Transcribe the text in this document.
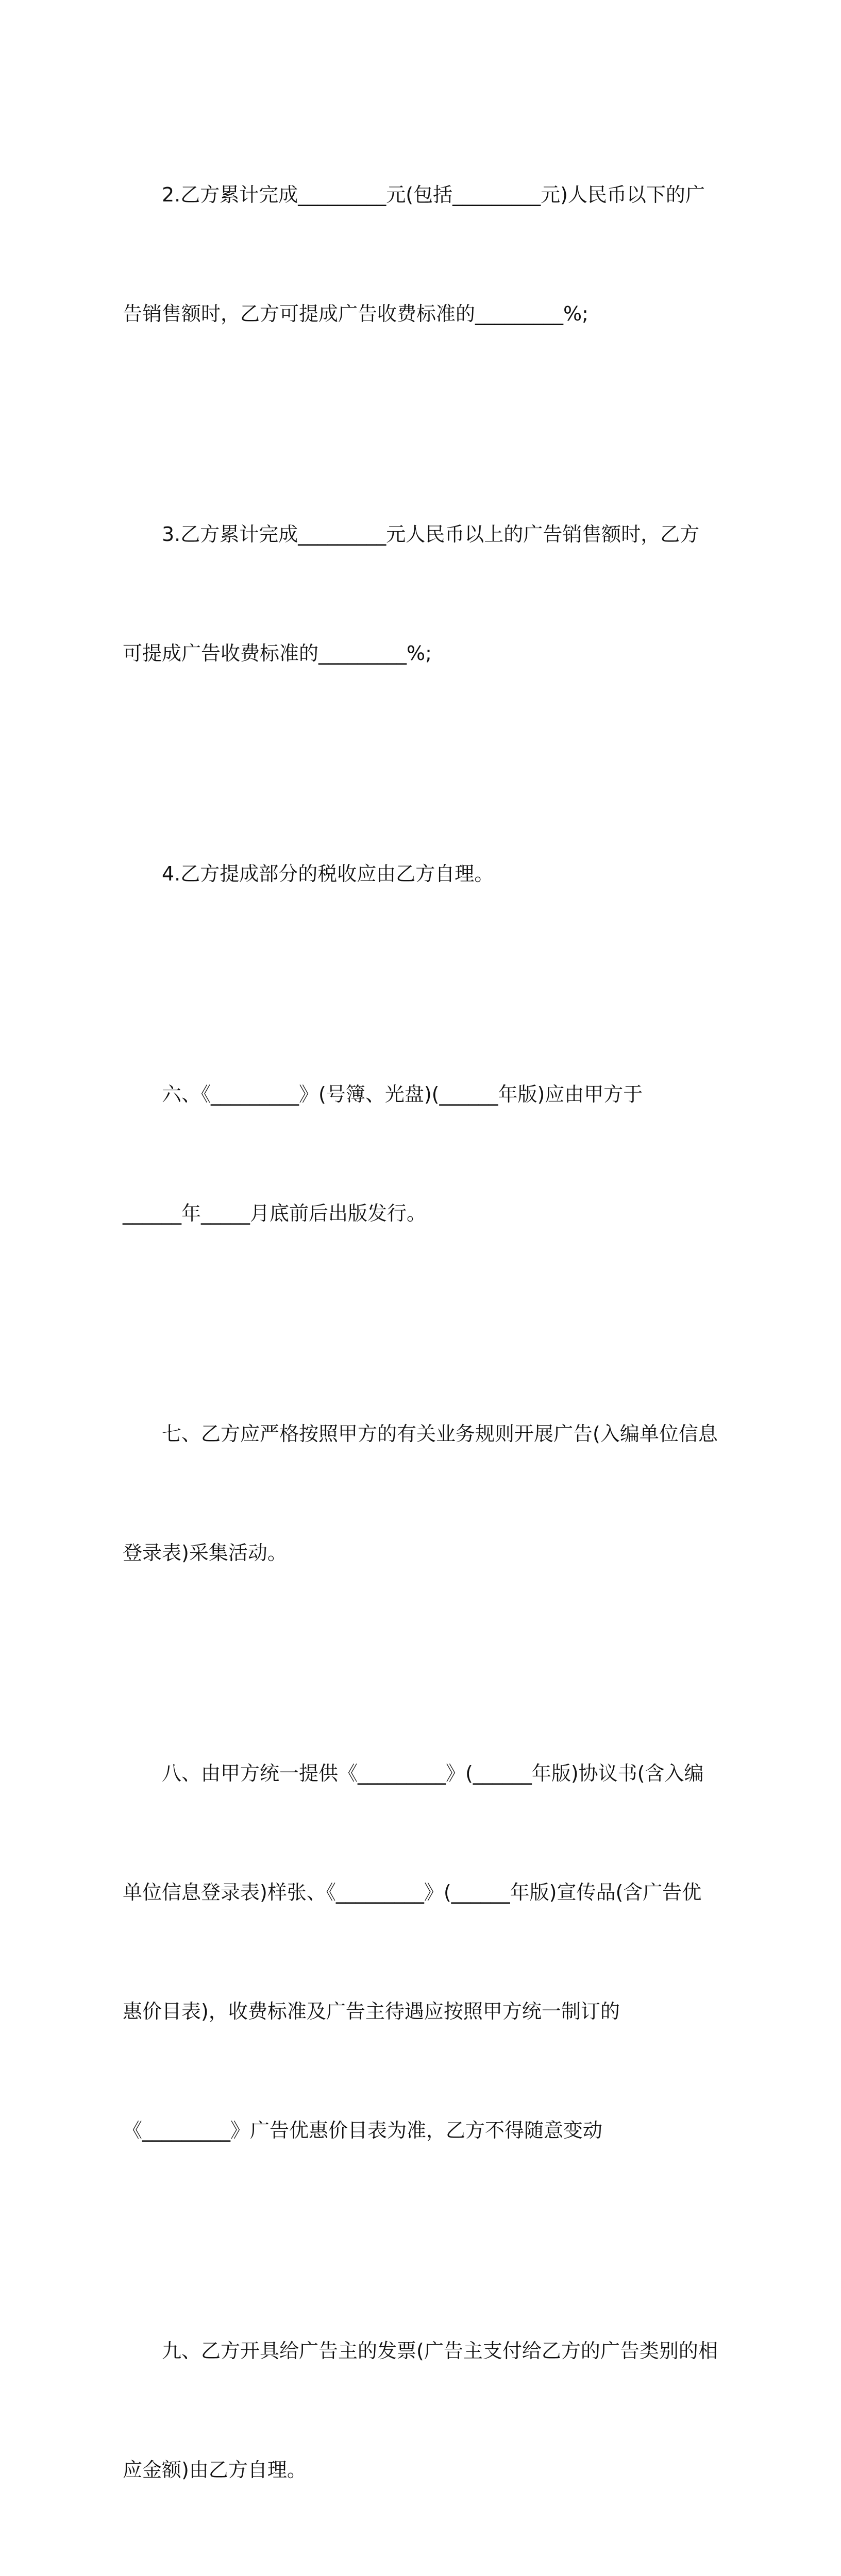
2.乙方累计完成_________元(包括_________元)人民币以下的广

告销售额时，乙方可提成广告收费标准的_________%;

3.乙方累计完成_________元人民币以上的广告销售额时，乙方

可提成广告收费标准的_________%;

4.乙方提成部分的税收应由乙方自理。

六、《_________》(号簿、光盘)(______年版)应由甲方于

______年_____月底前后出版发行。

七、乙方应严格按照甲方的有关业务规则开展广告(入编单位信息

登录表)采集活动。

八、由甲方统一提供《_________》(______年版)协议书(含入编

单位信息登录表)样张、《_________》(______年版)宣传品(含广告优

惠价目表)，收费标准及广告主待遇应按照甲方统一制订的

《_________》广告优惠价目表为准，乙方不得随意变动

九、乙方开具给广告主的发票(广告主支付给乙方的广告类别的相

应金额)由乙方自理。
